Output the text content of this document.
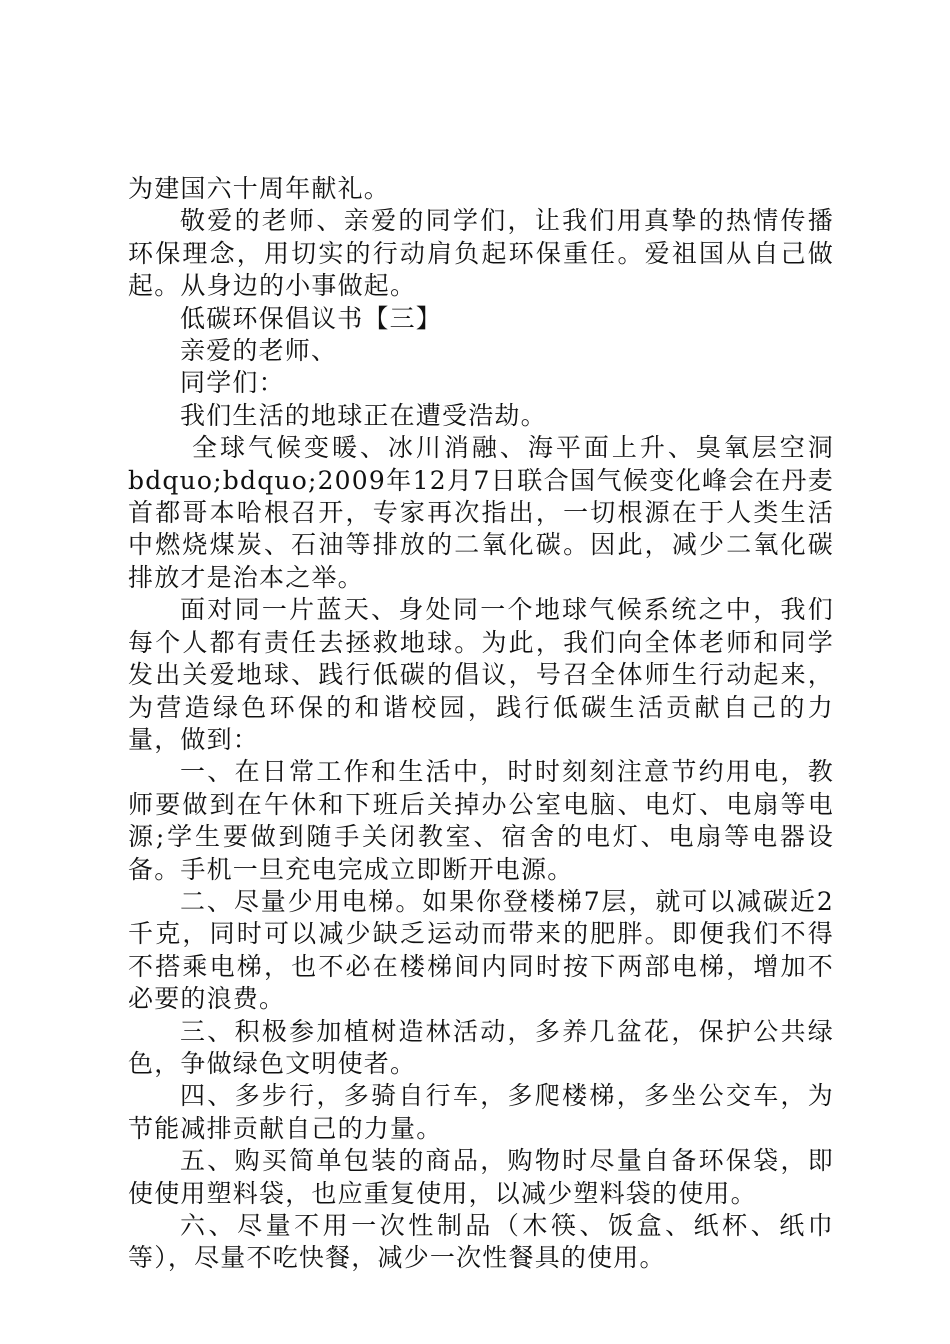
为建国六十周年献礼。

敬爱的老师、亲爱的同学们，让我们用真挚的热情传播环保理念，用切实的行动肩负起环保重任。爱祖国从自己做起。从身边的小事做起。

低碳环保倡议书【三】

亲爱的老师、

同学们：

我们生活的地球正在遭受浩劫。

全球气候变暖、冰川消融、海平面上升、臭氧层空洞bdquo;bdquo;2009年12月7日联合国气候变化峰会在丹麦首都哥本哈根召开，专家再次指出，一切根源在于人类生活中燃烧煤炭、石油等排放的二氧化碳。因此，减少二氧化碳排放才是治本之举。

面对同一片蓝天、身处同一个地球气候系统之中，我们每个人都有责任去拯救地球。为此，我们向全体老师和同学发出关爱地球、践行低碳的倡议，号召全体师生行动起来，为营造绿色环保的和谐校园，践行低碳生活贡献自己的力量，做到：

一、在日常工作和生活中，时时刻刻注意节约用电，教师要做到在午休和下班后关掉办公室电脑、电灯、电扇等电源;学生要做到随手关闭教室、宿舍的电灯、电扇等电器设备。手机一旦充电完成立即断开电源。

二、尽量少用电梯。如果你登楼梯7层，就可以减碳近2千克，同时可以减少缺乏运动而带来的肥胖。即便我们不得不搭乘电梯，也不必在楼梯间内同时按下两部电梯，增加不必要的浪费。

三、积极参加植树造林活动，多养几盆花，保护公共绿色，争做绿色文明使者。

四、多步行，多骑自行车，多爬楼梯，多坐公交车，为节能减排贡献自己的力量。

五、购买简单包装的商品，购物时尽量自备环保袋，即使使用塑料袋，也应重复使用，以减少塑料袋的使用。

六、尽量不用一次性制品（木筷、饭盒、纸杯、纸巾等），尽量不吃快餐，减少一次性餐具的使用。
